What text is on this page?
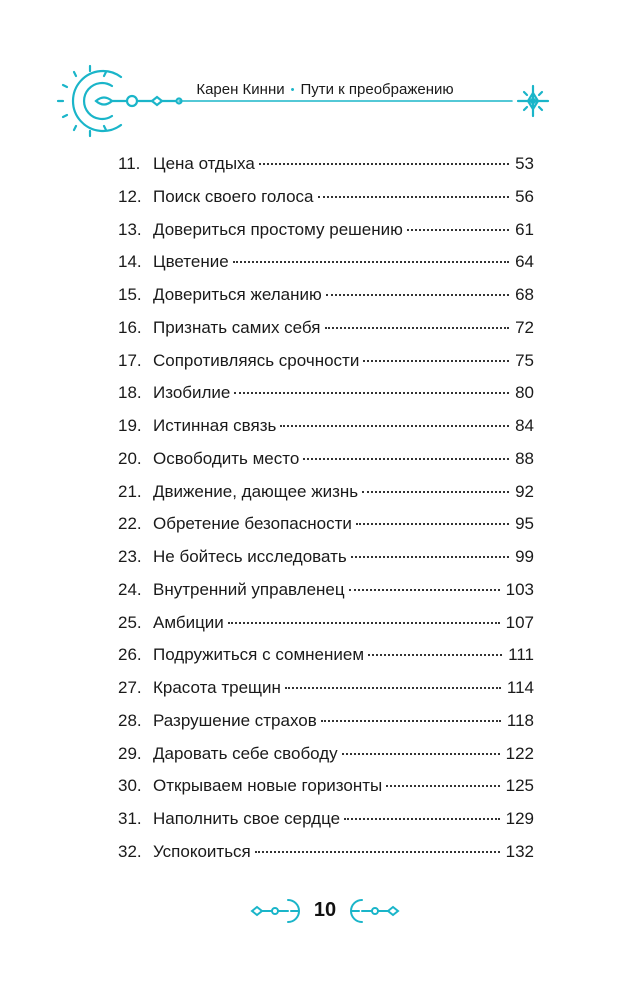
Карен Кинни • Пути к преображению
11. Цена отдыха	53
12. Поиск своего голоса	56
13. Довериться простому решению	61
14. Цветение	64
15. Довериться желанию	68
16. Признать самих себя	72
17. Сопротивляясь срочности	75
18. Изобилие	80
19. Истинная связь	84
20. Освободить место	88
21. Движение, дающее жизнь	92
22. Обретение безопасности	95
23. Не бойтесь исследовать	99
24. Внутренний управленец	103
25. Амбиции	107
26. Подружиться с сомнением	111
27. Красота трещин	114
28. Разрушение страхов	118
29. Даровать себе свободу	122
30. Открываем новые горизонты	125
31. Наполнить свое сердце	129
32. Успокоиться	132
10
